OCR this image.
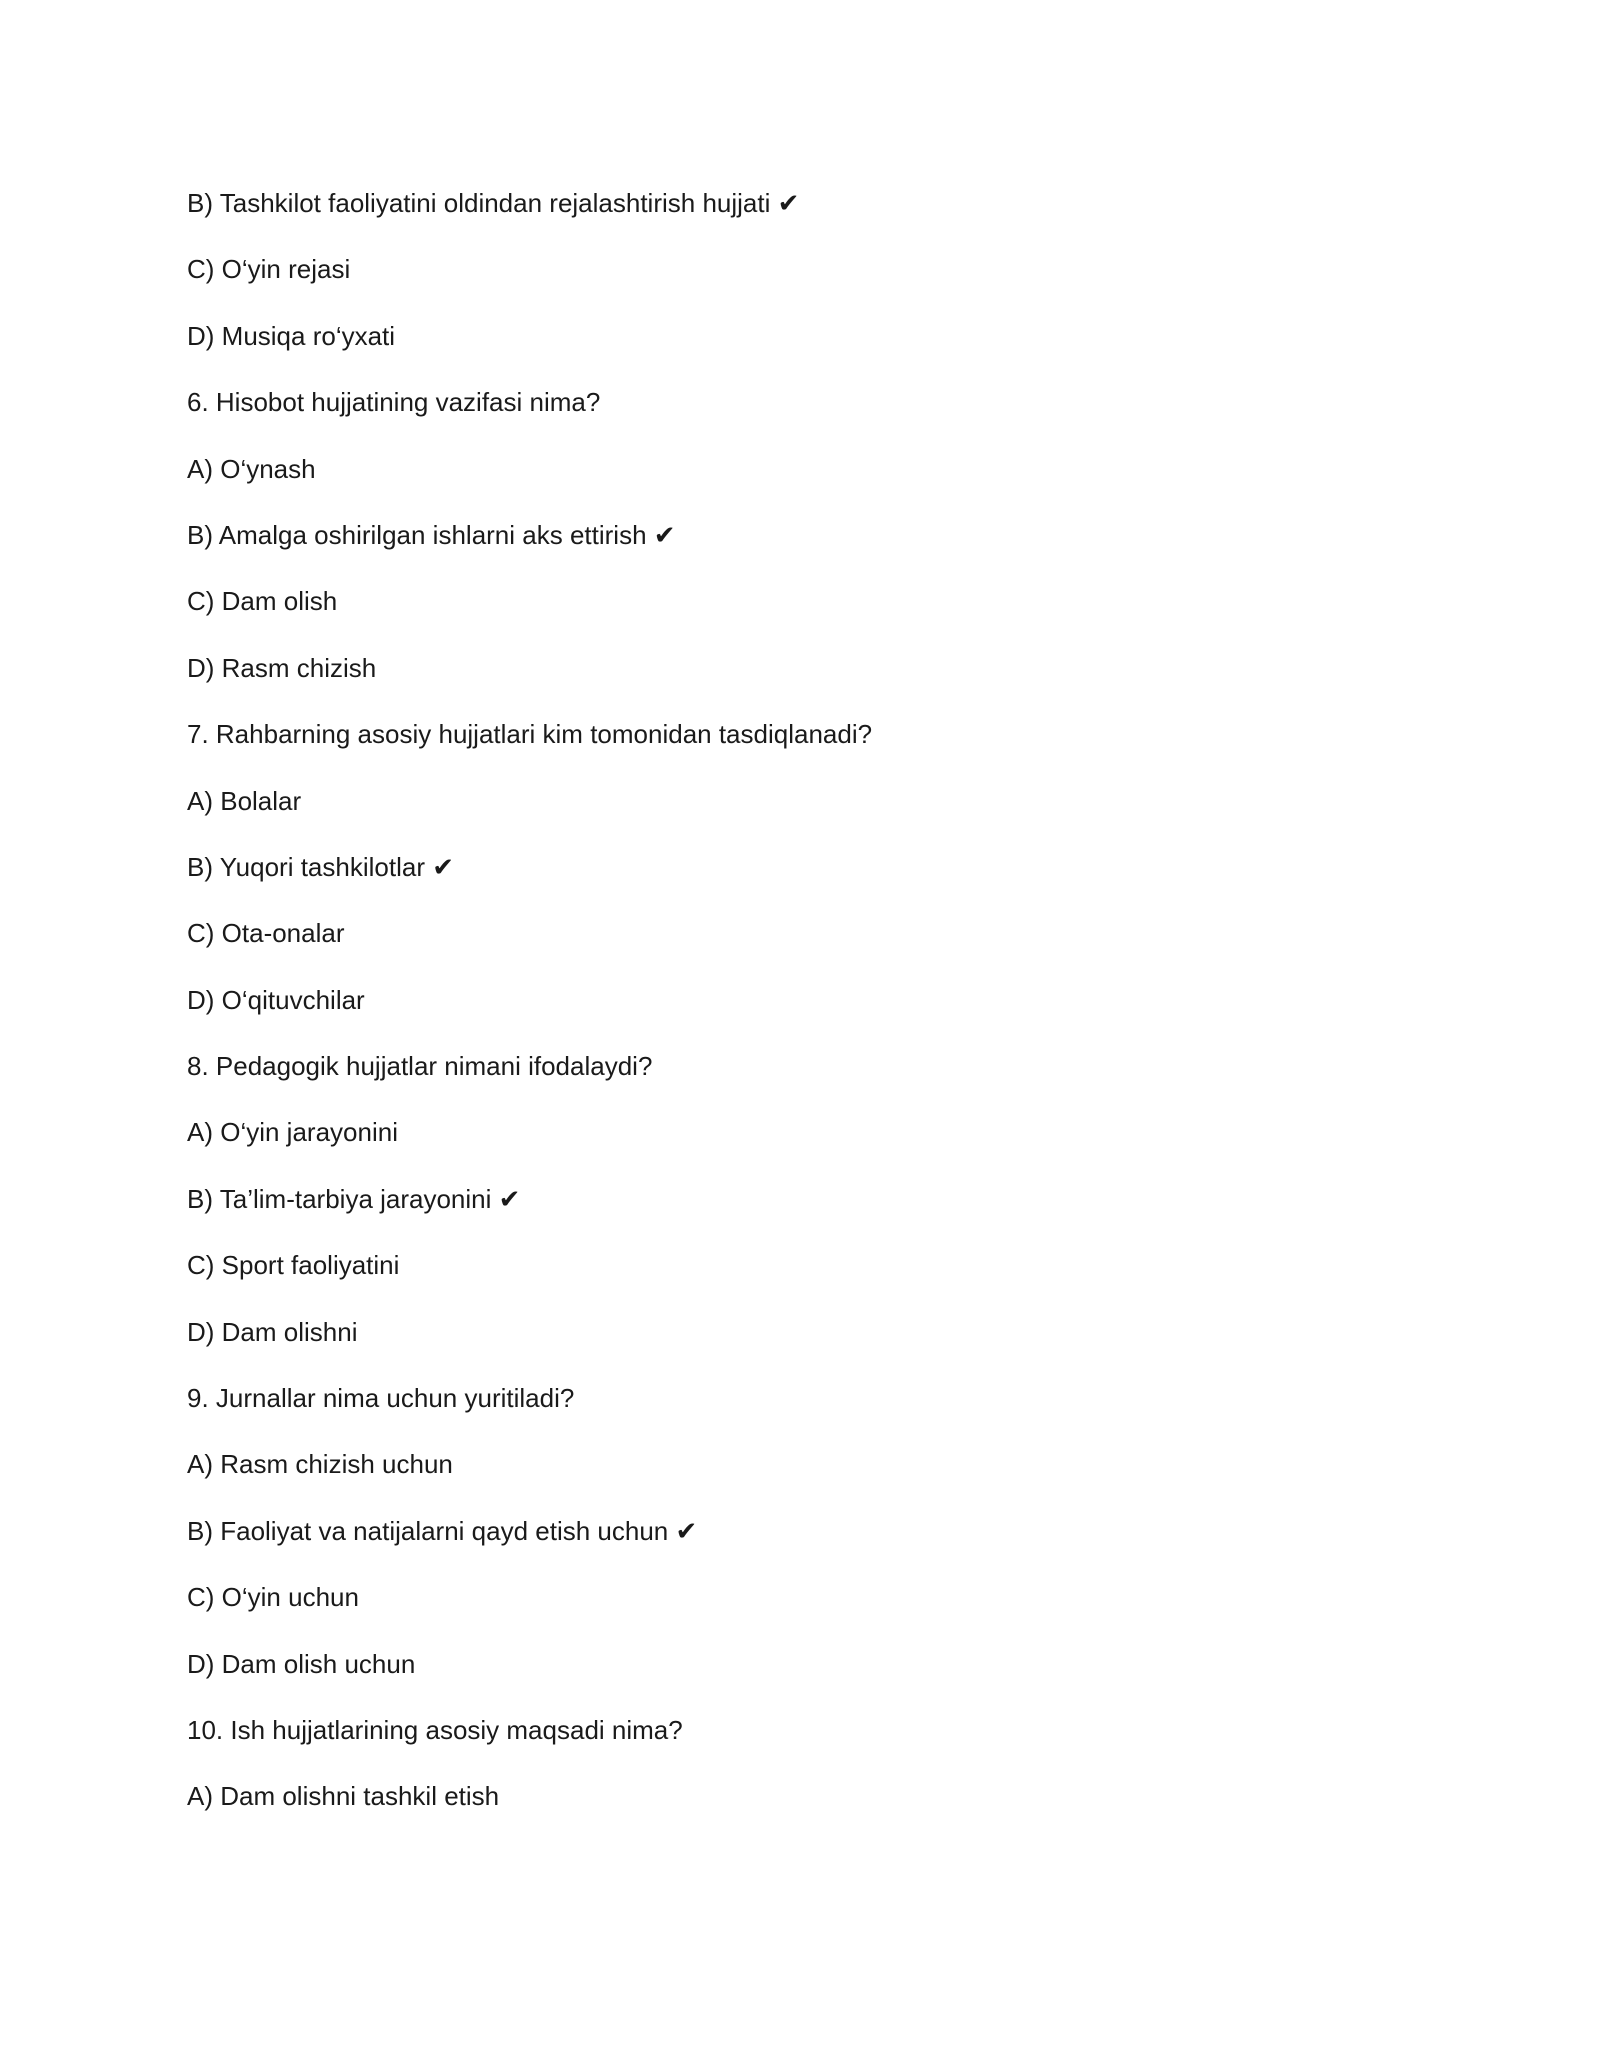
B) Tashkilot faoliyatini oldindan rejalashtirish hujjati ✔
C) O‘yin rejasi
D) Musiqa ro‘yxati
6. Hisobot hujjatining vazifasi nima?
A) O‘ynash
B) Amalga oshirilgan ishlarni aks ettirish ✔
C) Dam olish
D) Rasm chizish
7. Rahbarning asosiy hujjatlari kim tomonidan tasdiqlanadi?
A) Bolalar
B) Yuqori tashkilotlar ✔
C) Ota-onalar
D) O‘qituvchilar
8. Pedagogik hujjatlar nimani ifodalaydi?
A) O‘yin jarayonini
B) Ta’lim-tarbiya jarayonini ✔
C) Sport faoliyatini
D) Dam olishni
9. Jurnallar nima uchun yuritiladi?
A) Rasm chizish uchun
B) Faoliyat va natijalarni qayd etish uchun ✔
C) O‘yin uchun
D) Dam olish uchun
10. Ish hujjatlarining asosiy maqsadi nima?
A) Dam olishni tashkil etish
